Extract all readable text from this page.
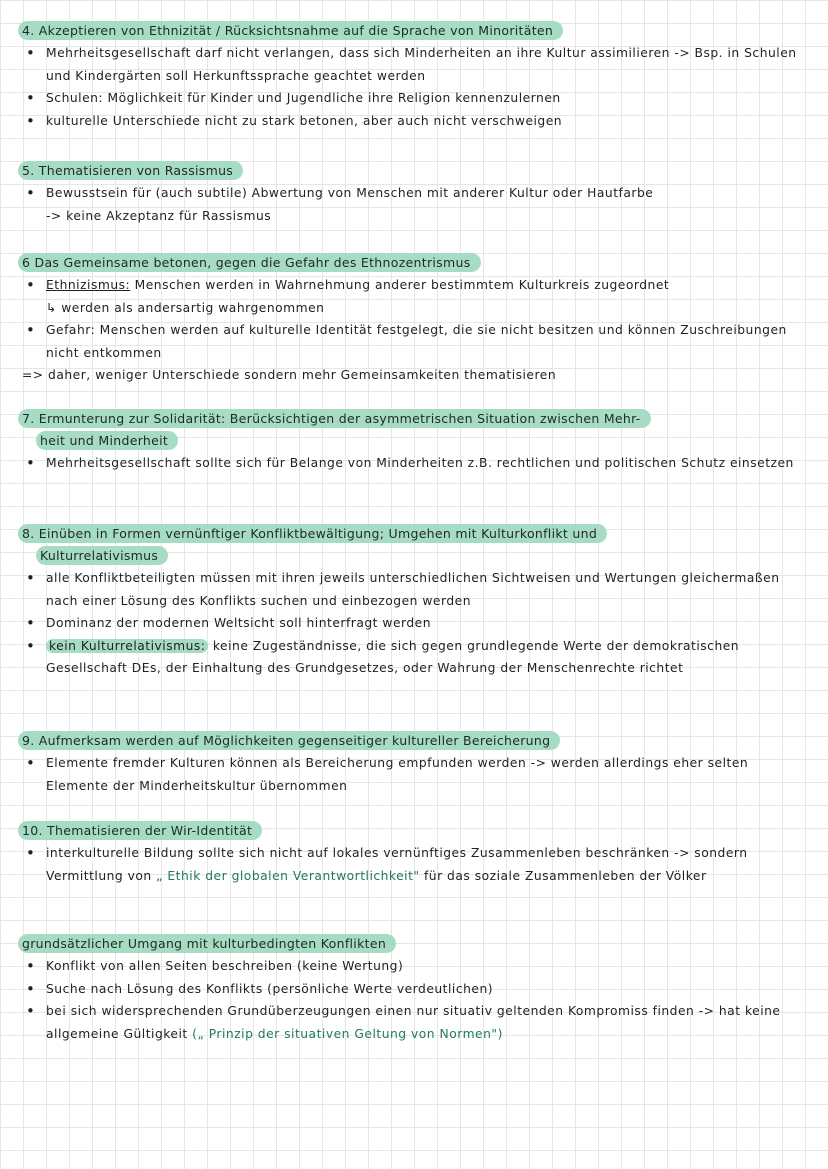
4. Akzeptieren von Ethnizität / Rücksichtsnahme auf die Sprache von Minoritäten
• Mehrheitsgesellschaft darf nicht verlangen, dass sich Minderheiten an ihre Kultur assimilieren -> Bsp. in Schulen und Kindergärten soll Herkunftssprache geachtet werden
• Schulen: Möglichkeit für Kinder und Jugendliche ihre Religion kennenzulernen
• kulturelle Unterschiede nicht zu stark betonen, aber auch nicht verschweigen
5. Thematisieren von Rassismus
• Bewusstsein für (auch subtile) Abwertung von Menschen mit anderer Kultur oder Hautfarbe
-> keine Akzeptanz für Rassismus
6 Das Gemeinsame betonen, gegen die Gefahr des Ethnozentrismus
• Ethnizismus: Menschen werden in Wahrnehmung anderer bestimmtem Kulturkreis zugeordnet
↳ werden als andersartig wahrgenommen
• Gefahr: Menschen werden auf kulturelle Identität festgelegt, die sie nicht besitzen und können Zuschreibungen nicht entkommen
=> daher, weniger Unterschiede sondern mehr Gemeinsamkeiten thematisieren
7. Ermunterung zur Solidarität: Berücksichtigen der asymmetrischen Situation zwischen Mehr-
heit und Minderheit
• Mehrheitsgesellschaft sollte sich für Belange von Minderheiten z.B. rechtlichen und politischen Schutz einsetzen
8. Einüben in Formen vernünftiger Konfliktbewältigung; Umgehen mit Kulturkonflikt und
Kulturrelativismus
• alle Konfliktbeteiligten müssen mit ihren jeweils unterschiedlichen Sichtweisen und Wertungen gleichermaßen nach einer Lösung des Konflikts suchen und einbezogen werden
• Dominanz der modernen Weltsicht soll hinterfragt werden
• kein Kulturrelativismus: keine Zugeständnisse, die sich gegen grundlegende Werte der demokratischen Gesellschaft DEs, der Einhaltung des Grundgesetzes, oder Wahrung der Menschenrechte richtet
9. Aufmerksam werden auf Möglichkeiten gegenseitiger kultureller Bereicherung
• Elemente fremder Kulturen können als Bereicherung empfunden werden -> werden allerdings eher selten Elemente der Minderheitskultur übernommen
10. Thematisieren der Wir-Identität
• interkulturelle Bildung sollte sich nicht auf lokales vernünftiges Zusammenleben beschränken -> sondern Vermittlung von „ Ethik der globalen Verantwortlichkeit" für das soziale Zusammenleben der Völker
grundsätzlicher Umgang mit kulturbedingten Konflikten
• Konflikt von allen Seiten beschreiben (keine Wertung)
• Suche nach Lösung des Konflikts (persönliche Werte verdeutlichen)
• bei sich widersprechenden Grundüberzeugungen einen nur situativ geltenden Kompromiss finden -> hat keine allgemeine Gültigkeit („ Prinzip der situativen Geltung von Normen")
